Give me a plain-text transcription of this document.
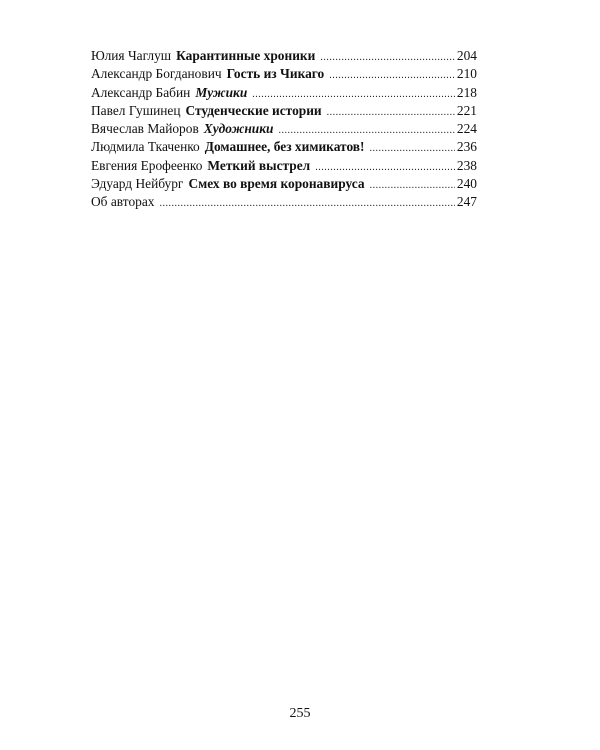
Юлия Чаглуш Карантинные хроники .....	204
Александр Богданович Гость из Чикаго .....	210
Александр Бабин Мужики .....	218
Павел Гушинец Студенческие истории .....	221
Вячеслав Майоров Художники .....	224
Людмила Ткаченко Домашнее, без химикатов! .....	236
Евгения Ерофеенко Меткий выстрел .....	238
Эдуард Нейбург Смех во время коронавируса .....	240
Об авторах .....	247
255
